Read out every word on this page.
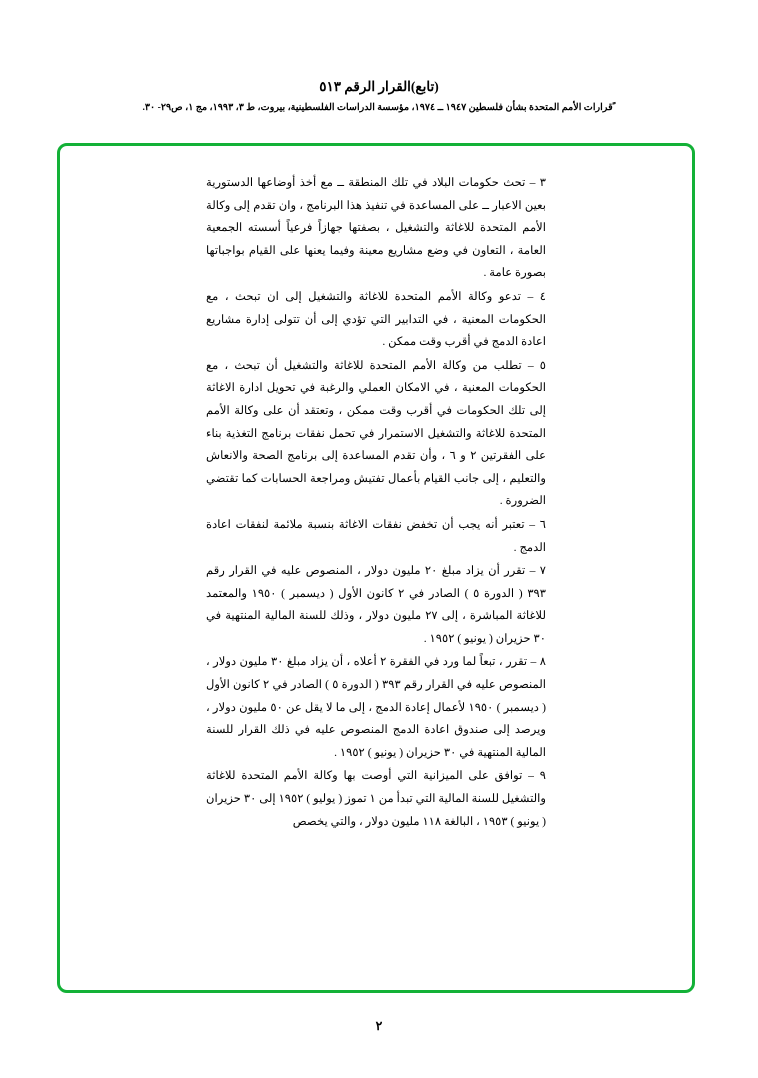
(تابع)القرار الرقم ٥١٣
ﹰقرارات الأمم المتحدة بشأن فلسطين ١٩٤٧ ــ ١٩٧٤، مؤسسة الدراسات الفلسطينية، بيروت، ط ٣، ١٩٩٣، مج ١، ص٢٩- ٣٠.

٣ – تحث حكومات البلاد في تلك المنطقة ــ مع أخذ أوضاعها الدستورية بعين الاعبار ــ على المساعدة في تنفيذ هذا البرنامج ، وان تقدم إلى وكالة الأمم المتحدة للاغاثة والتشغيل ، بصفتها جهازاً فرعياً أسسته الجمعية العامة ، التعاون في وضع مشاريع معينة وفيما يعنها على القيام بواجباتها بصورة عامة .

٤ – تدعو وكالة الأمم المتحدة للاغاثة والتشغيل إلى ان تبحث ، مع الحكومات المعنية ، في التدابير التي تؤدي إلى أن تتولى إدارة مشاريع اعادة الدمج في أقرب وقت ممكن .

٥ – تطلب من وكالة الأمم المتحدة للاغاثة والتشغيل أن تبحث ، مع الحكومات المعنية ، في الامكان العملي والرغبة في تحويل ادارة الاغاثة إلى تلك الحكومات في أقرب وقت ممكن ، وتعتقد أن على وكالة الأمم المتحدة للاغاثة والتشغيل الاستمرار في تحمل نفقات برنامج التغذية بناء على الفقرتين ٢ و ٦ ، وأن تقدم المساعدة إلى برنامج الصحة والانعاش والتعليم ، إلى جانب القيام بأعمال تفتيش ومراجعة الحسابات كما تقتضي الضرورة .

٦ – تعتبر أنه يجب أن تخفض نفقات الاغاثة بنسبة ملائمة لنفقات اعادة الدمج .

٧ – تقرر أن يزاد مبلغ ٢٠ مليون دولار ، المنصوص عليه في القرار رقم ٣٩٣ ( الدورة ٥ ) الصادر في ٢ كانون الأول ( ديسمبر ) ١٩٥٠ والمعتمد للاغاثة المباشرة ، إلى ٢٧ مليون دولار ، وذلك للسنة المالية المنتهية في ٣٠ حزيران ( يونيو ) ١٩٥٢ .

٨ – تقرر ، تبعاً لما ورد في الفقرة ٢ أعلاه ، أن يزاد مبلغ ٣٠ مليون دولار ، المنصوص عليه في القرار رقم ٣٩٣ ( الدورة ٥ ) الصادر في ٢ كانون الأول ( ديسمبر ) ١٩٥٠ لأعمال إعادة الدمج ، إلى ما لا يقل عن ٥٠ مليون دولار ، ويرصد إلى صندوق اعادة الدمج المنصوص عليه في ذلك القرار للسنة المالية المنتهية في ٣٠ حزيران ( يونيو ) ١٩٥٢ .

٩ – توافق على الميزانية التي أوصت بها وكالة الأمم المتحدة للاغاثة والتشغيل للسنة المالية التي تبدأ من ١ تموز ( يوليو ) ١٩٥٢ إلى ٣٠ حزيران ( يونيو ) ١٩٥٣ ، البالغة ١١٨ مليون دولار ، والتي يخصص

٢
